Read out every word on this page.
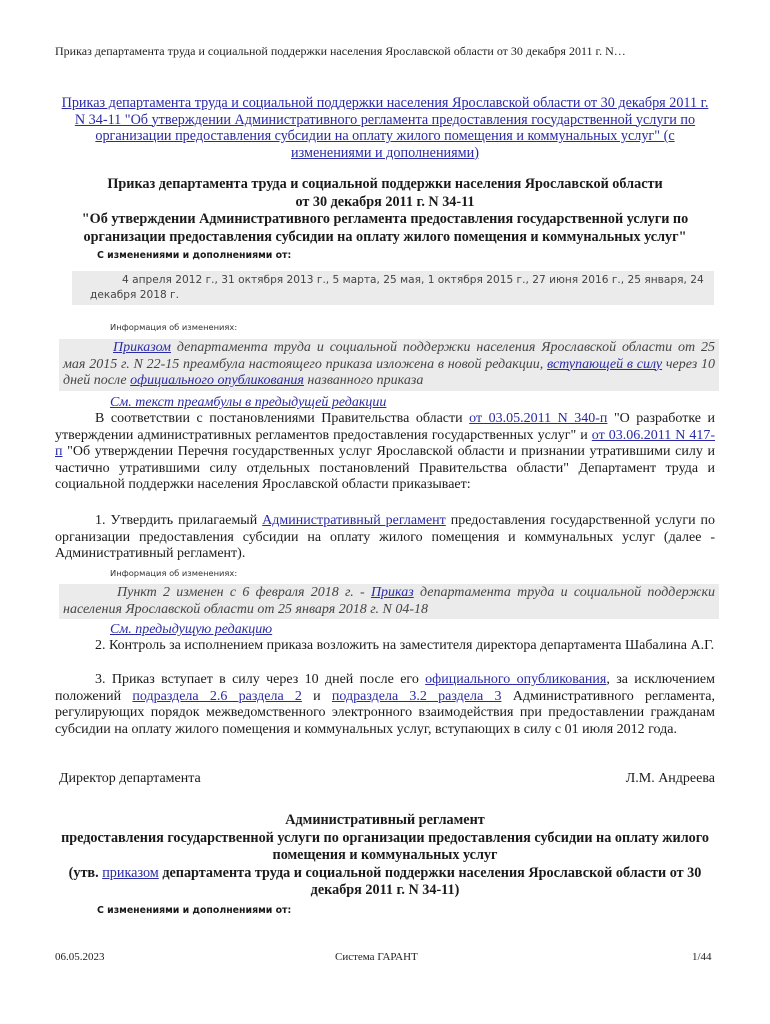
Приказ департамента труда и социальной поддержки населения Ярославской области от 30 декабря 2011 г. N…
Приказ департамента труда и социальной поддержки населения Ярославской области от 30 декабря 2011 г. N 34-11 "Об утверждении Административного регламента предоставления государственной услуги по организации предоставления субсидии на оплату жилого помещения и коммунальных услуг" (с изменениями и дополнениями)
Приказ департамента труда и социальной поддержки населения Ярославской области
от 30 декабря 2011 г. N 34-11
"Об утверждении Административного регламента предоставления государственной услуги по организации предоставления субсидии на оплату жилого помещения и коммунальных услуг"
С изменениями и дополнениями от:
4 апреля 2012 г., 31 октября 2013 г., 5 марта, 25 мая, 1 октября 2015 г., 27 июня 2016 г., 25 января, 24 декабря 2018 г.
Информация об изменениях:
Приказом департамента труда и социальной поддержки населения Ярославской области от 25 мая 2015 г. N 22-15 преамбула настоящего приказа изложена в новой редакции, вступающей в силу через 10 дней после официального опубликования названного приказа
См. текст преамбулы в предыдущей редакции
В соответствии с постановлениями Правительства области от 03.05.2011 N 340-п "О разработке и утверждении административных регламентов предоставления государственных услуг" и от 03.06.2011 N 417-п "Об утверждении Перечня государственных услуг Ярославской области и признании утратившими силу и частично утратившими силу отдельных постановлений Правительства области" Департамент труда и социальной поддержки населения Ярославской области приказывает:
1. Утвердить прилагаемый Административный регламент предоставления государственной услуги по организации предоставления субсидии на оплату жилого помещения и коммунальных услуг (далее - Административный регламент).
Информация об изменениях:
Пункт 2 изменен с 6 февраля 2018 г. - Приказ департамента труда и социальной поддержки населения Ярославской области от 25 января 2018 г. N 04-18
См. предыдущую редакцию
2. Контроль за исполнением приказа возложить на заместителя директора департамента Шабалина А.Г.
3. Приказ вступает в силу через 10 дней после его официального опубликования, за исключением положений подраздела 2.6 раздела 2 и подраздела 3.2 раздела 3 Административного регламента, регулирующих порядок межведомственного электронного взаимодействия при предоставлении гражданам субсидии на оплату жилого помещения и коммунальных услуг, вступающих в силу с 01 июля 2012 года.
Директор департамента	Л.М. Андреева
Административный регламент
предоставления государственной услуги по организации предоставления субсидии на оплату жилого помещения и коммунальных услуг
(утв. приказом департамента труда и социальной поддержки населения Ярославской области от 30 декабря 2011 г. N 34-11)
С изменениями и дополнениями от:
06.05.2023	Система ГАРАНТ	1/44
